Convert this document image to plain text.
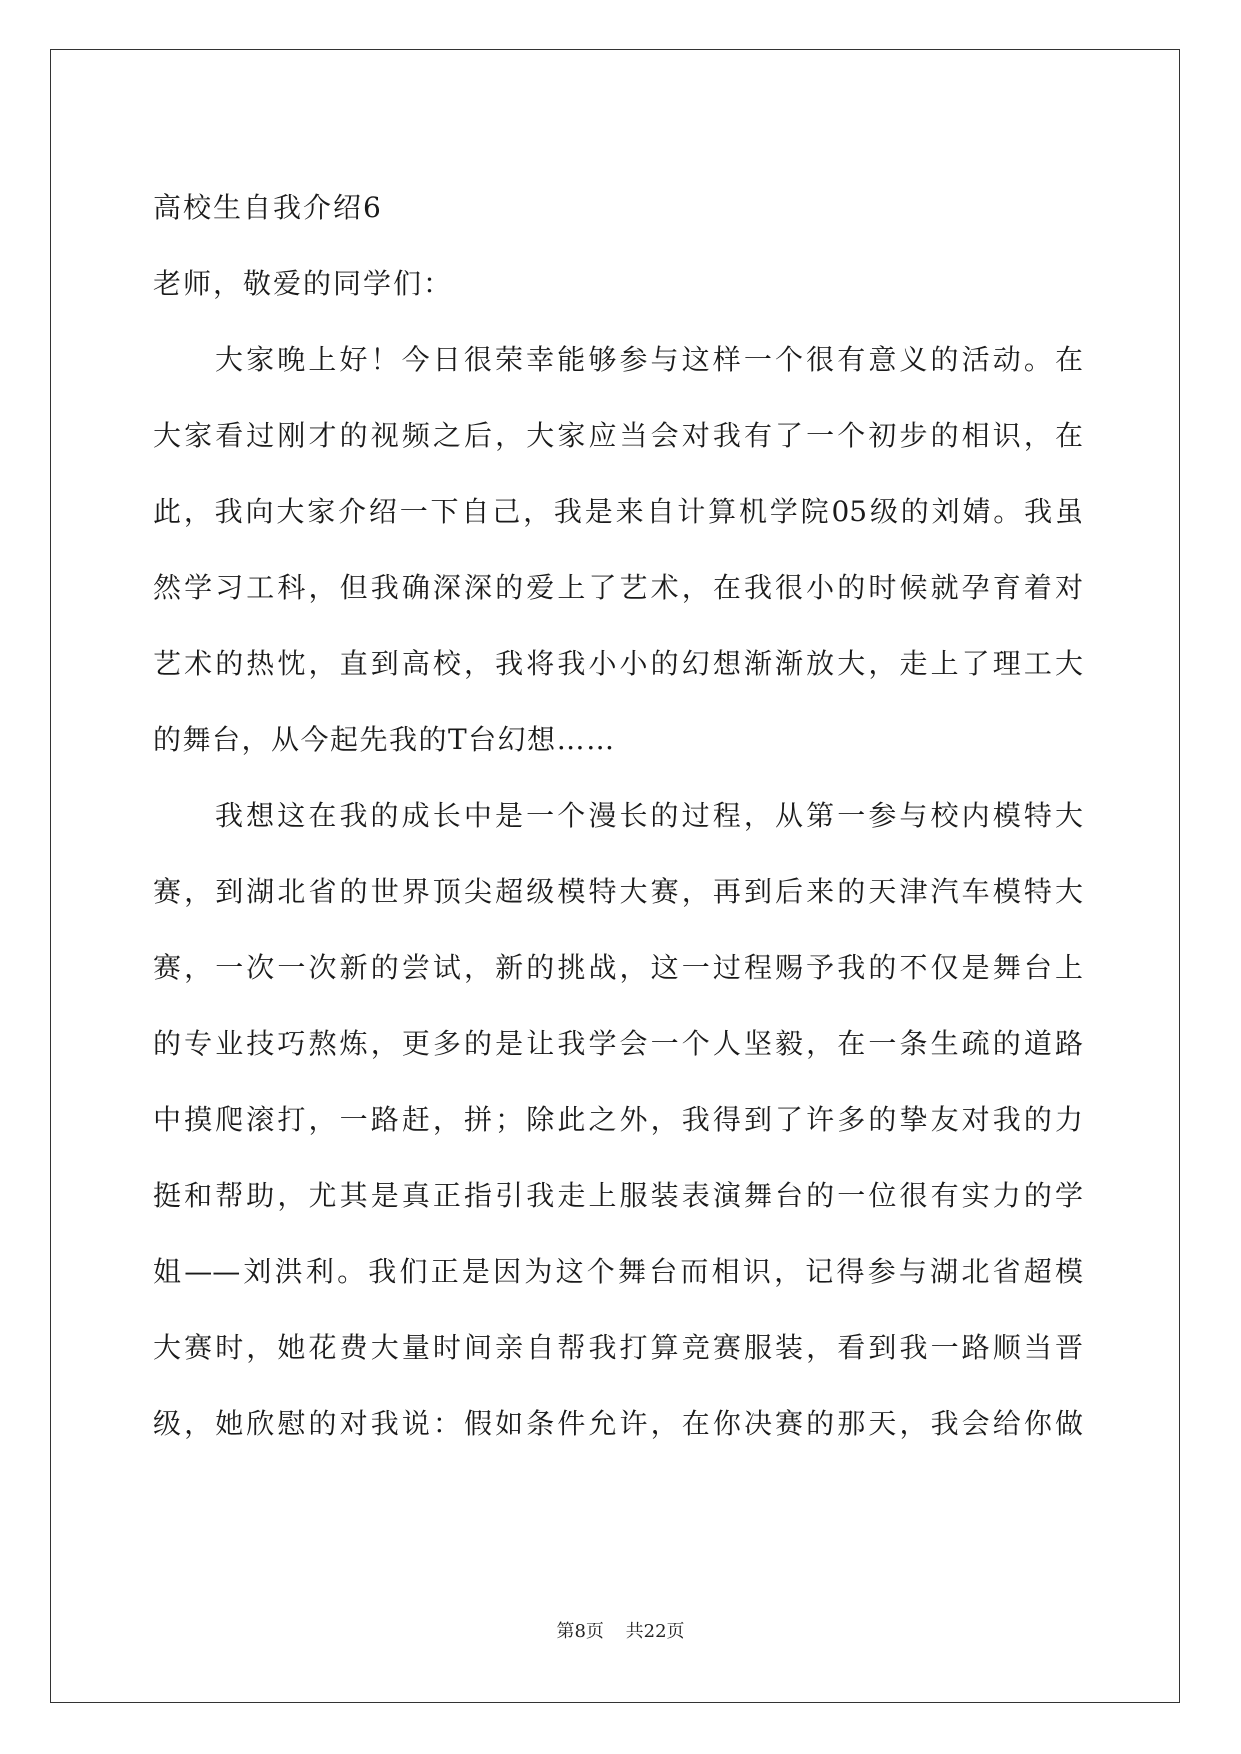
高校生自我介绍6
老师，敬爱的同学们：
大家晚上好！今日很荣幸能够参与这样一个很有意义的活动。在
大家看过刚才的视频之后，大家应当会对我有了一个初步的相识，在
此，我向大家介绍一下自己，我是来自计算机学院05级的刘婧。我虽
然学习工科，但我确深深的爱上了艺术，在我很小的时候就孕育着对
艺术的热忱，直到高校，我将我小小的幻想渐渐放大，走上了理工大
的舞台，从今起先我的T台幻想……
我想这在我的成长中是一个漫长的过程，从第一参与校内模特大
赛，到湖北省的世界顶尖超级模特大赛，再到后来的天津汽车模特大
赛，一次一次新的尝试，新的挑战，这一过程赐予我的不仅是舞台上
的专业技巧熬炼，更多的是让我学会一个人坚毅，在一条生疏的道路
中摸爬滚打，一路赶，拼；除此之外，我得到了许多的挚友对我的力
挺和帮助，尤其是真正指引我走上服装表演舞台的一位很有实力的学
姐——刘洪利。我们正是因为这个舞台而相识，记得参与湖北省超模
大赛时，她花费大量时间亲自帮我打算竞赛服装，看到我一路顺当晋
级，她欣慰的对我说：假如条件允许，在你决赛的那天，我会给你做
第8页 共22页
